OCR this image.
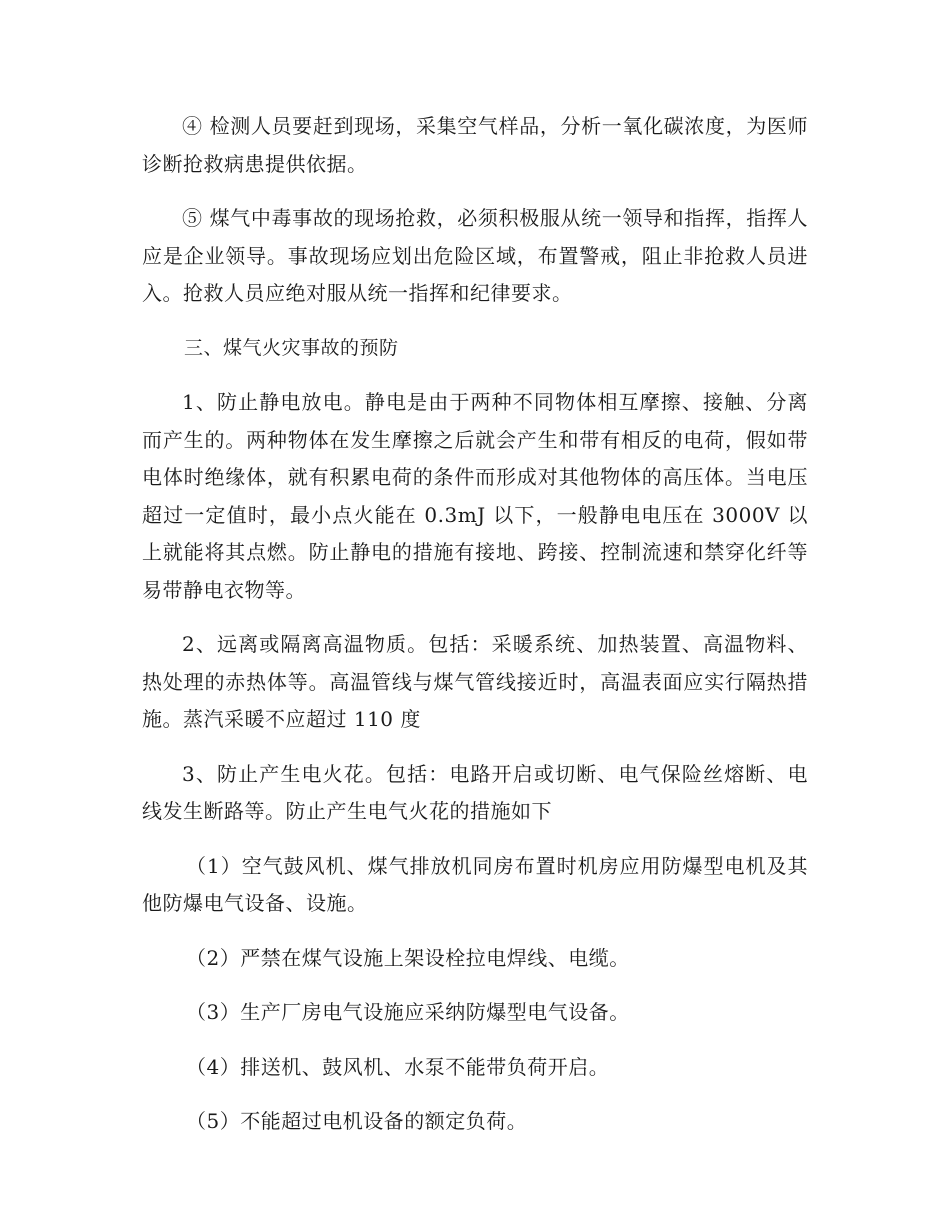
④ 检测人员要赶到现场，采集空气样品，分析一氧化碳浓度，为医师诊断抢救病患提供依据。

⑤ 煤气中毒事故的现场抢救，必须积极服从统一领导和指挥，指挥人应是企业领导。事故现场应划出危险区域，布置警戒，阻止非抢救人员进入。抢救人员应绝对服从统一指挥和纪律要求。

三、煤气火灾事故的预防

1、防止静电放电。静电是由于两种不同物体相互摩擦、接触、分离而产生的。两种物体在发生摩擦之后就会产生和带有相反的电荷，假如带电体时绝缘体，就有积累电荷的条件而形成对其他物体的高压体。当电压超过一定值时，最小点火能在 0.3mJ 以下，一般静电电压在 3000V 以上就能将其点燃。防止静电的措施有接地、跨接、控制流速和禁穿化纤等易带静电衣物等。

2、远离或隔离高温物质。包括：采暖系统、加热装置、高温物料、热处理的赤热体等。高温管线与煤气管线接近时，高温表面应实行隔热措施。蒸汽采暖不应超过 110 度

3、防止产生电火花。包括：电路开启或切断、电气保险丝熔断、电线发生断路等。防止产生电气火花的措施如下

（1）空气鼓风机、煤气排放机同房布置时机房应用防爆型电机及其他防爆电气设备、设施。

（2）严禁在煤气设施上架设栓拉电焊线、电缆。

（3）生产厂房电气设施应采纳防爆型电气设备。

（4）排送机、鼓风机、水泵不能带负荷开启。

（5）不能超过电机设备的额定负荷。
